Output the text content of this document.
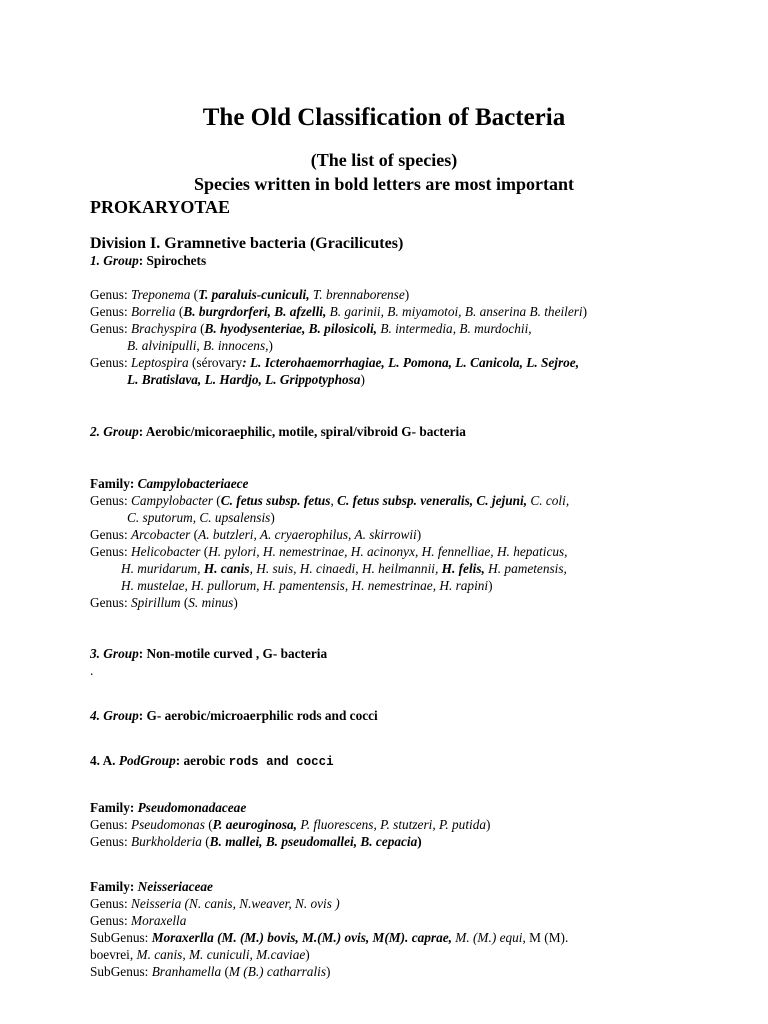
The Old Classification of Bacteria
(The list of species)
Species written in bold letters are most important
PROKARYOTAE
Division I. Gramnetive bacteria (Gracilicutes)
1. Group: Spirochets
Genus: Treponema (T. paraluis-cuniculi, T. brennaborense)
Genus: Borrelia (B. burgrdorferi, B. afzelli, B. garinii, B. miyamotoi, B. anserina B. theileri)
Genus: Brachyspira (B. hyodysenteriae, B. pilosicoli, B. intermedia, B. murdochii,
B. alvinipulli, B. innocens,)
Genus: Leptospira (sérovary: L. Icterohaemorrhagiae, L. Pomona, L. Canicola, L. Sejroe,
L. Bratislava, L. Hardjo, L. Grippotyphosa)
2. Group: Aerobic/micoraephilic, motile, spiral/vibroid G- bacteria
Family: Campylobacteriaece
Genus: Campylobacter (C. fetus subsp. fetus, C. fetus subsp. veneralis, C. jejuni, C. coli,
C. sputorum, C. upsalensis)
Genus: Arcobacter (A. butzleri, A. cryaerophilus, A. skirrowii)
Genus: Helicobacter (H. pylori, H. nemestrinae, H. acinonyx, H. fennelliae, H. hepaticus,
H. muridarum, H. canis, H. suis, H. cinaedi, H. heilmannii, H. felis, H. pametensis,
H. mustelae, H. pullorum, H. pamentensis, H. nemestrinae, H. rapini)
Genus: Spirillum (S. minus)
3. Group: Non-motile curved , G- bacteria
.
4. Group: G- aerobic/microaerphilic rods and cocci
4. A. PodGroup: aerobic rods and cocci
Family: Pseudomonadaceae
Genus: Pseudomonas (P. aeuroginosa, P. fluorescens, P. stutzeri, P. putida)
Genus: Burkholderia (B. mallei, B. pseudomallei, B. cepacia)
Family: Neisseriaceae
Genus: Neisseria (N. canis, N.weaver, N. ovis )
Genus: Moraxella
SubGenus: Moraxerlla (M. (M.) bovis, M.(M.) ovis, M(M). caprae, M. (M.) equi, M (M).
boevrei, M. canis, M. cuniculi, M.caviae)
SubGenus: Branhamella (M (B.) catharralis)
